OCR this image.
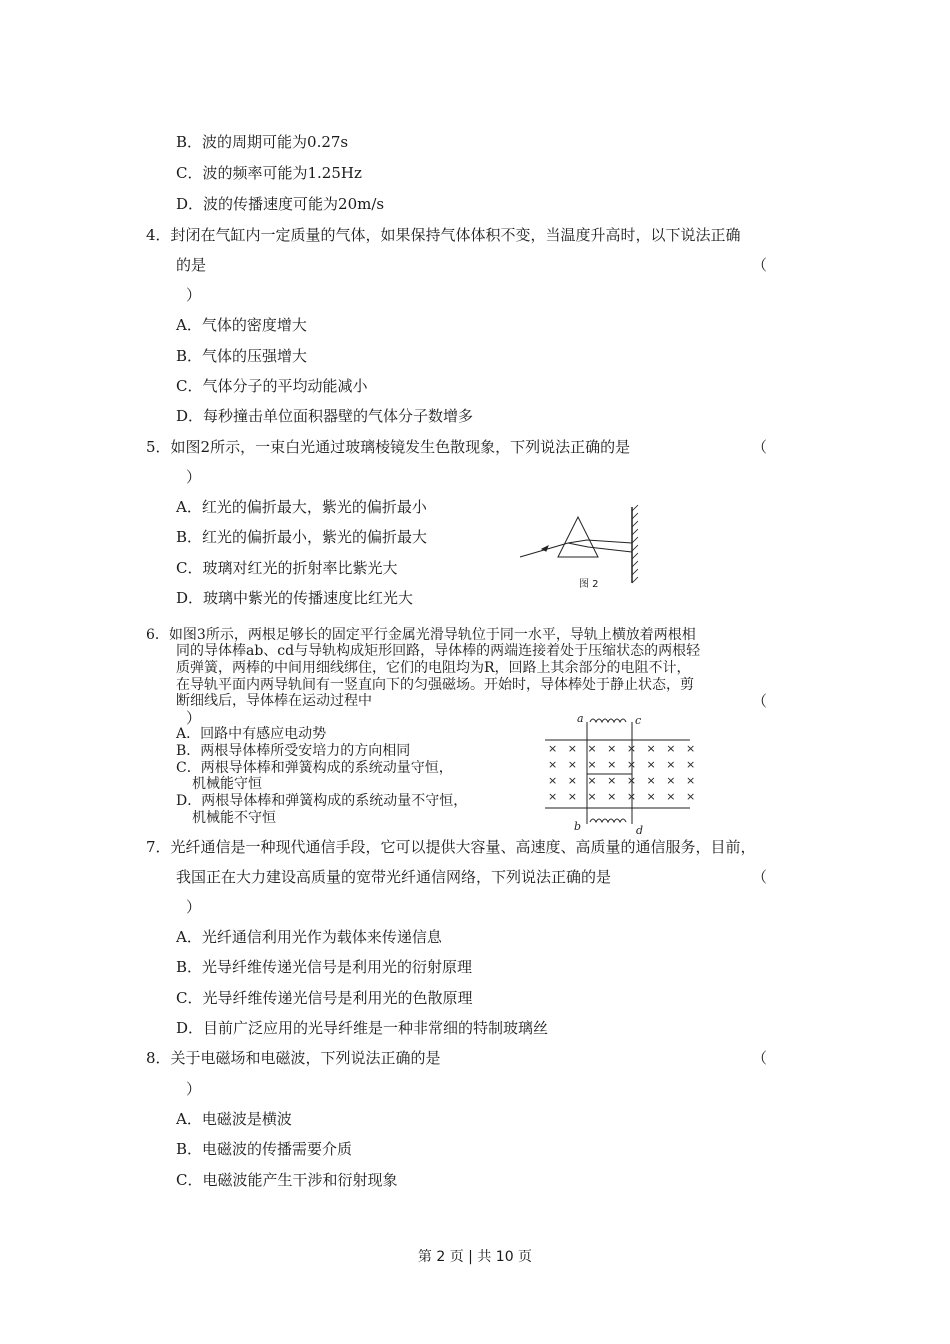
B．波的周期可能为0.27s
C．波的频率可能为1.25Hz
D．波的传播速度可能为20m/s
4．封闭在气缸内一定质量的气体，如果保持气体体积不变，当温度升高时，以下说法正确
的是	（
）
A．气体的密度增大
B．气体的压强增大
C．气体分子的平均动能减小
D．每秒撞击单位面积器壁的气体分子数增多
5．如图2所示，一束白光通过玻璃棱镜发生色散现象，下列说法正确的是	（
）
A．红光的偏折最大，紫光的偏折最小
B．红光的偏折最小，紫光的偏折最大
C．玻璃对红光的折射率比紫光大
D．玻璃中紫光的传播速度比红光大
图 2
6．如图3所示，两根足够长的固定平行金属光滑导轨位于同一水平，导轨上横放着两根相
同的导体棒ab、cd与导轨构成矩形回路，导体棒的两端连接着处于压缩状态的两根轻
质弹簧，两棒的中间用细线绑住，它们的电阻均为R，回路上其余部分的电阻不计，
在导轨平面内两导轨间有一竖直向下的匀强磁场。开始时，导体棒处于静止状态，剪
断细线后，导体棒在运动过程中	（
）
A．回路中有感应电动势
B．两根导体棒所受安培力的方向相同
C．两根导体棒和弹簧构成的系统动量守恒，
机械能守恒
D．两根导体棒和弹簧构成的系统动量不守恒，
机械能不守恒
×   ×   ×   ×   ×   ×   ×   ×
×   ×   ×   ×   ×   ×   ×   ×
×   ×   ×   ×   ×   ×   ×   ×
×   ×   ×   ×   ×   ×   ×   ×
a	c
b	d
7．光纤通信是一种现代通信手段，它可以提供大容量、高速度、高质量的通信服务，目前，
我国正在大力建设高质量的宽带光纤通信网络，下列说法正确的是	（
）
A．光纤通信利用光作为载体来传递信息
B．光导纤维传递光信号是利用光的衍射原理
C．光导纤维传递光信号是利用光的色散原理
D．目前广泛应用的光导纤维是一种非常细的特制玻璃丝
8．关于电磁场和电磁波，下列说法正确的是	（
）
A．电磁波是横波
B．电磁波的传播需要介质
C．电磁波能产生干涉和衍射现象
第 2 页 | 共 10 页
